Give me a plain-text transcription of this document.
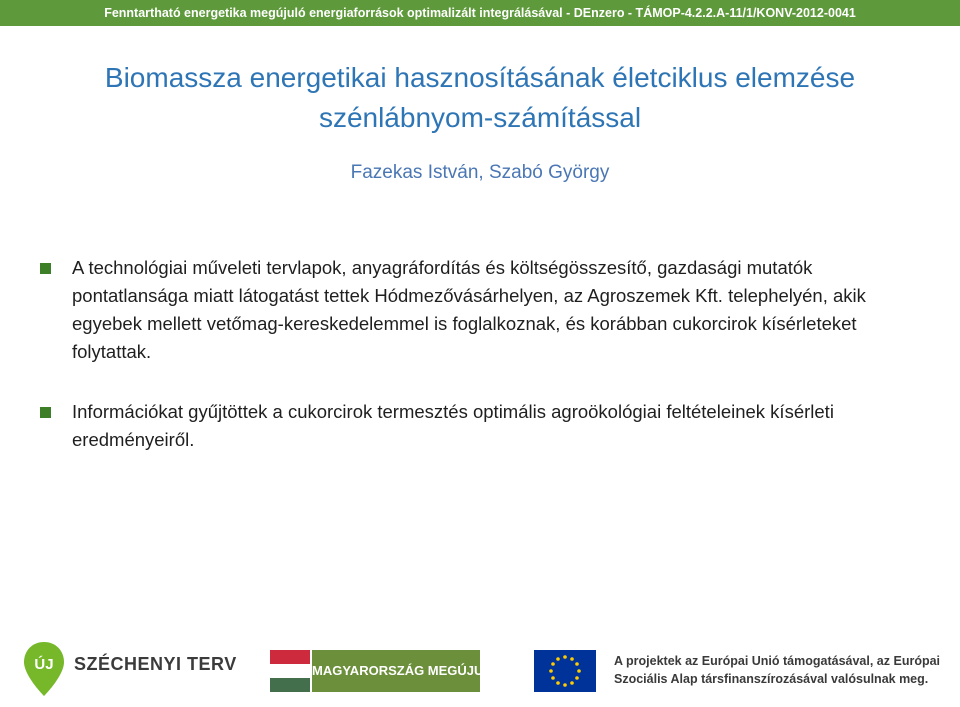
Fenntartható energetika megújuló energiaforrások optimalizált integrálásával - DEnzero - TÁMOP-4.2.2.A-11/1/KONV-2012-0041
Biomassza energetikai hasznosításának életciklus elemzése
szénlábnyom-számítással
Fazekas István, Szabó György
A technológiai műveleti tervlapok, anyagráfordítás és költségösszesítő, gazdasági mutatók pontatlansága miatt látogatást tettek Hódmezővásárhelyen, az Agroszemek Kft. telephelyén, akik egyebek mellett vetőmag-kereskedelemmel is foglalkoznak, és korábban cukorcirok kísérleteket folytattak.
Információkat gyűjtöttek a cukorcirok termesztés optimális agroökológiai feltételeinek kísérleti eredményeiről.
ÚJ SZÉCHENYI TERV	MAGYARORSZÁG MEGÚJUL
A projektek az Európai Unió támogatásával, az Európai
Szociális Alap társfinanszírozásával valósulnak meg.
